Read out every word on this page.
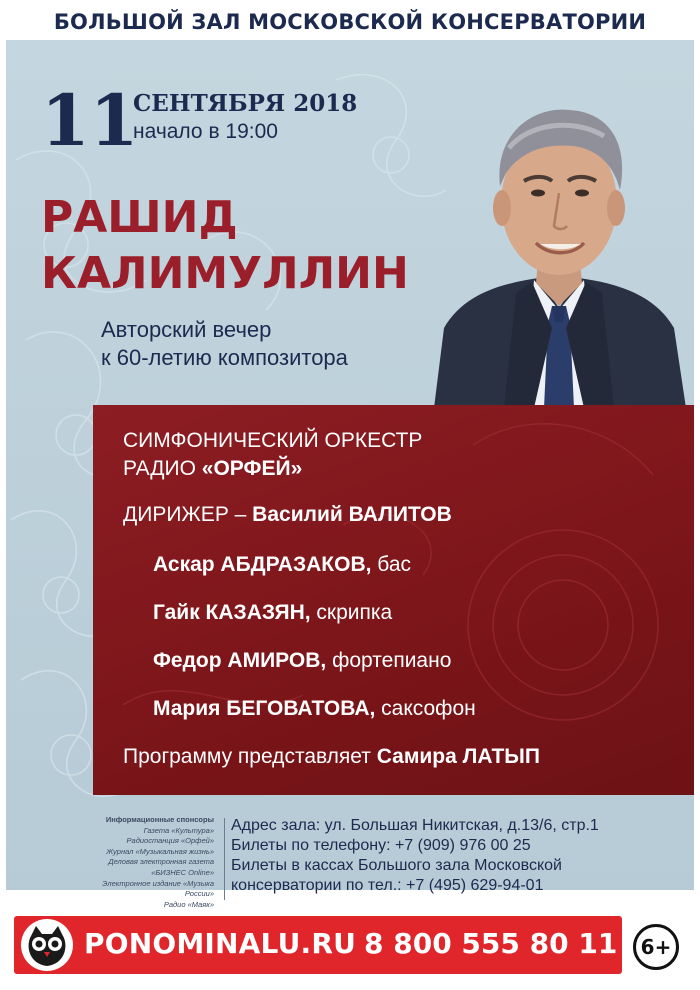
БОЛЬШОЙ ЗАЛ МОСКОВСКОЙ КОНСЕРВАТОРИИ
11
СЕНТЯБРЯ 2018
начало в 19:00
РАШИД
КАЛИМУЛЛИН
Авторский вечер
к 60-летию композитора
СИМФОНИЧЕСКИЙ ОРКЕСТР
РАДИО «ОРФЕЙ»
ДИРИЖЕР – Василий ВАЛИТОВ
Аскар АБДРАЗАКОВ, бас
Гайк КАЗАЗЯН, скрипка
Федор АМИРОВ, фортепиано
Мария БЕГОВАТОВА, саксофон
Программу представляет Самира ЛАТЫП
Информационные спонсоры
Газета «Культура»
Радиостанция «Орфей»
Журнал «Музыкальная жизнь»
Деловая электронная газета «БИЗНЕС Online»
Электронное издание «Музыка России»
Радио «Маяк»
Адрес зала: ул. Большая Никитская, д.13/6, стр.1
Билеты по телефону: +7 (909) 976 00 25
Билеты в кассах Большого зала Московской
консерватории по тел.: +7 (495) 629-94-01
PONOMINALU.RU 8 800 555 80 11	6+
